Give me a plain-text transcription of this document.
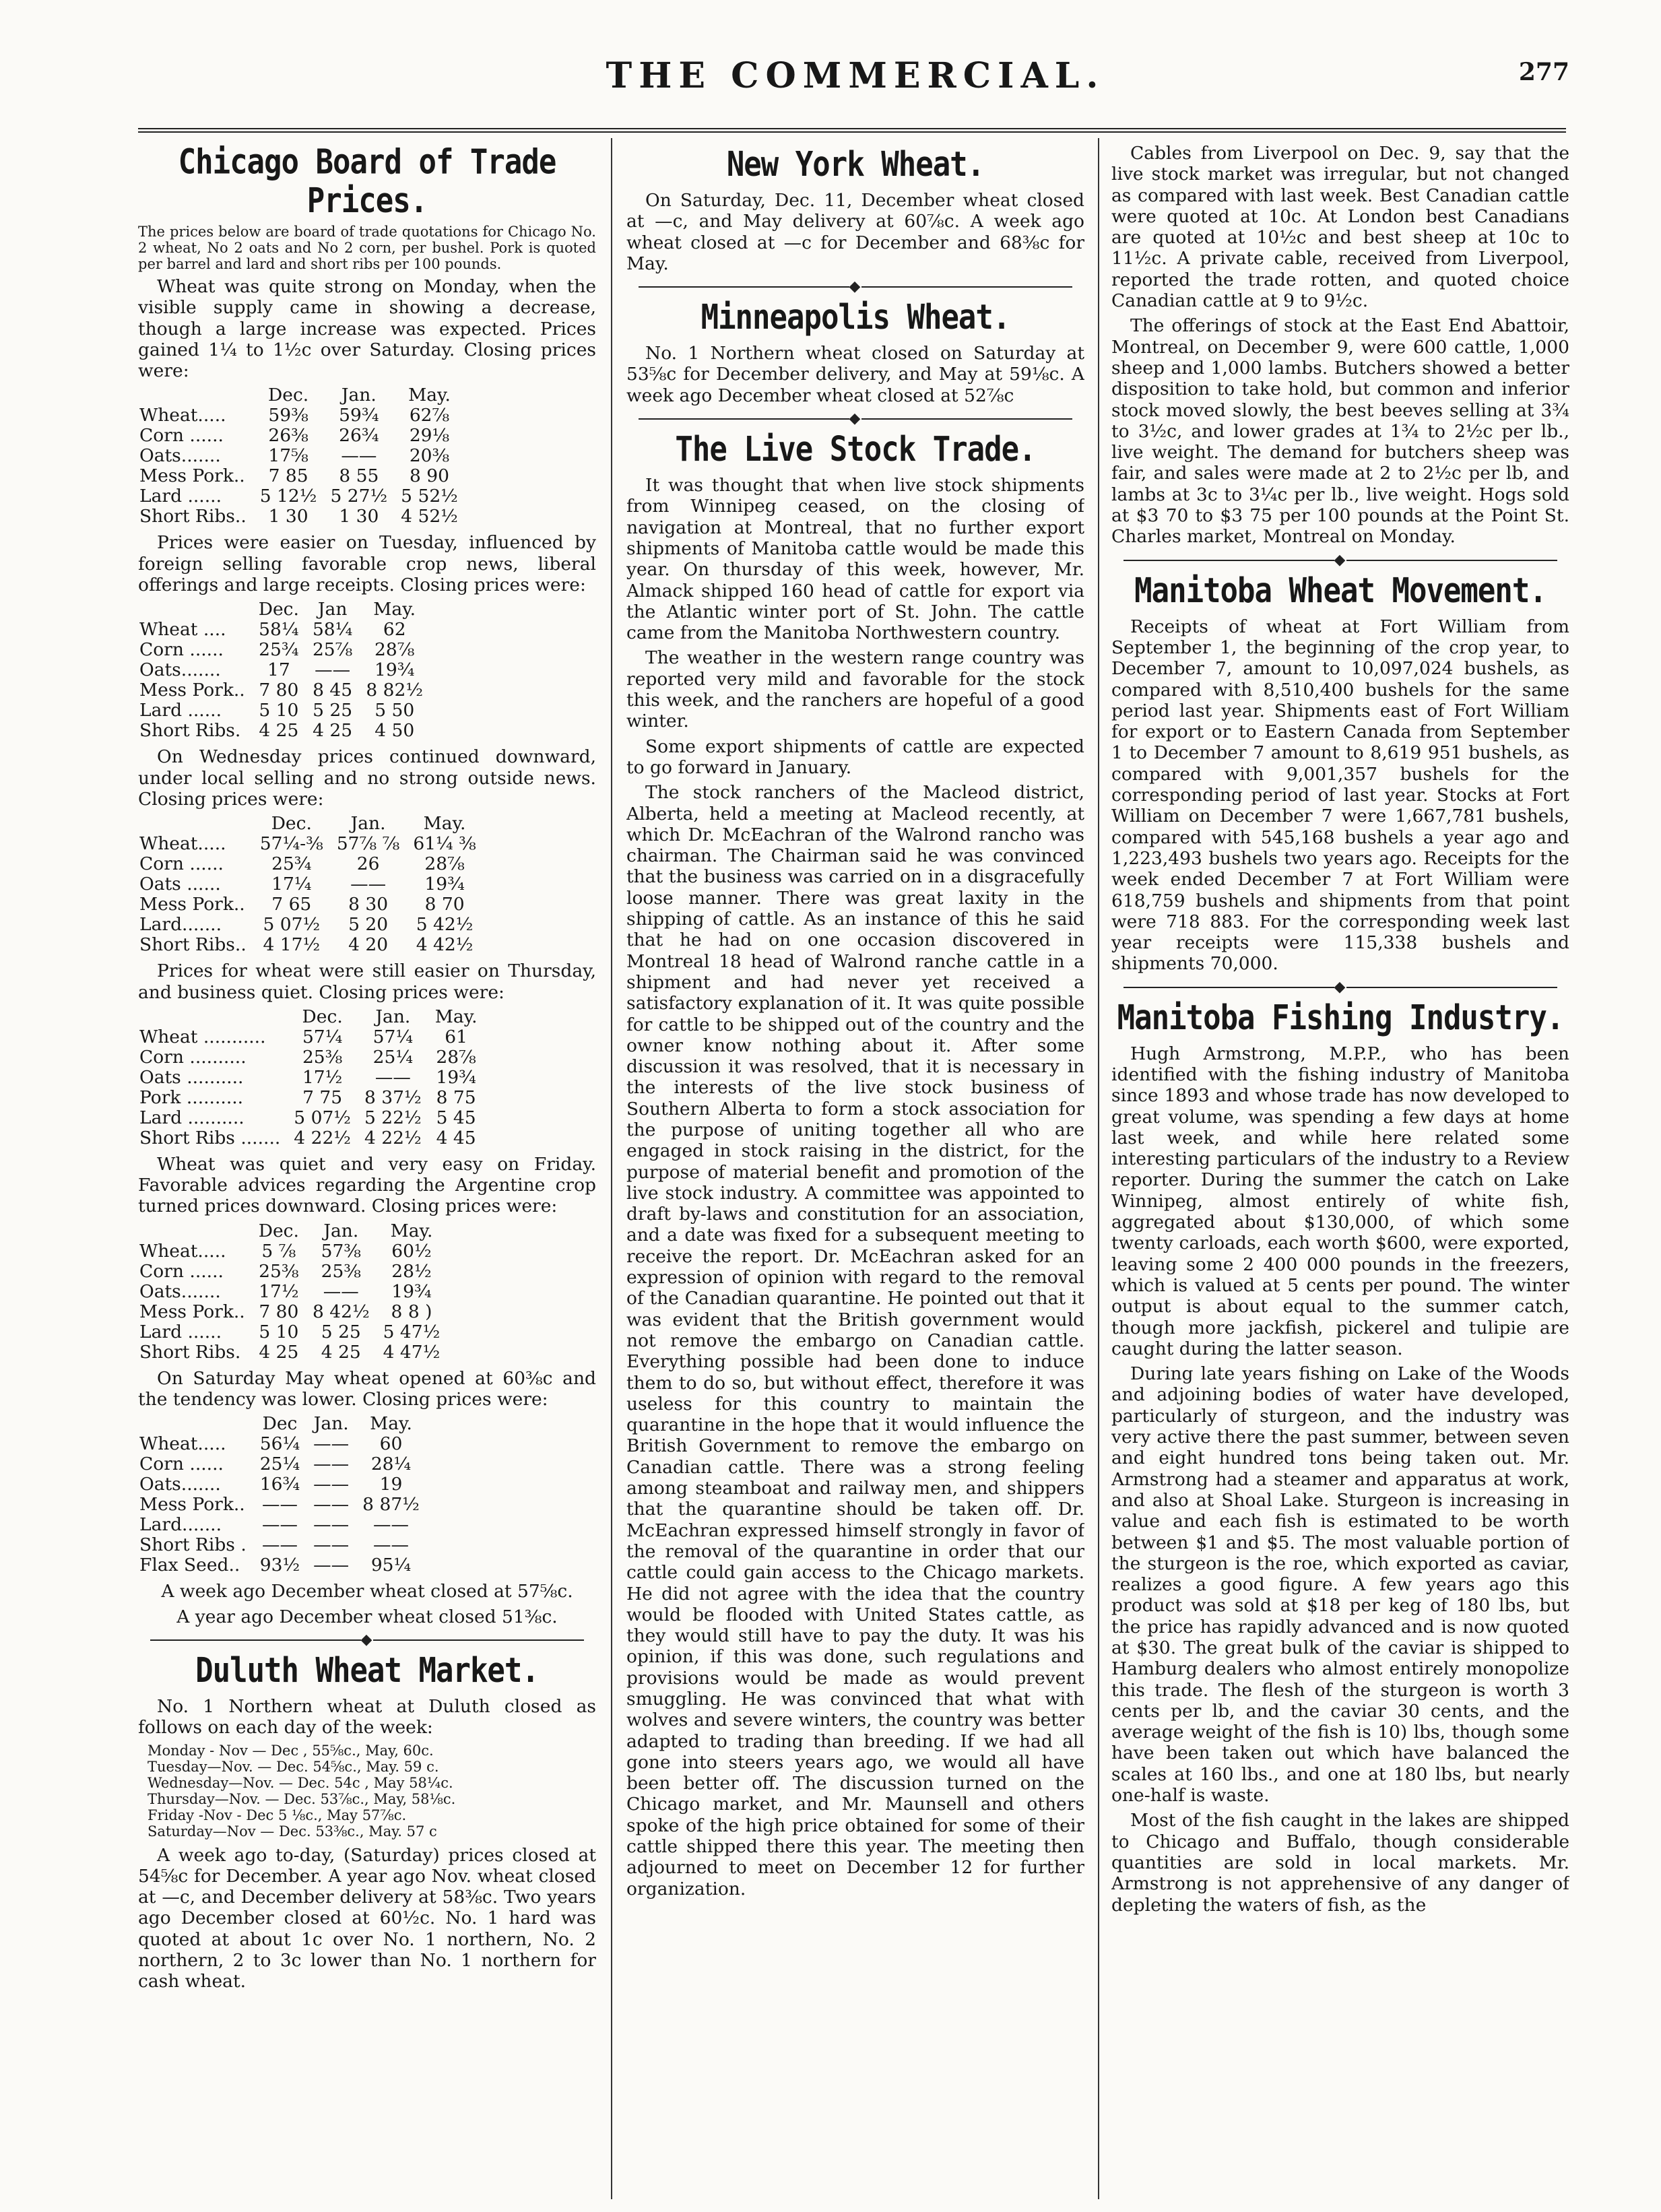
THE COMMERCIAL.	277
Chicago Board of Trade Prices.
The prices below are board of trade quotations for Chicago No. 2 wheat, No 2 oats and No 2 corn, per bushel. Pork is quoted per barrel and lard and short ribs per 100 pounds.

Wheat was quite strong on Monday, when the visible supply came in showing a decrease, though a large increase was expected. Prices gained 1¼ to 1½c over Saturday. Closing prices were:

	Dec.	Jan.	May.
Wheat.....	59⅜	59¾	62⅞
Corn ......	26⅜	26¾	29⅛
Oats.......	17⅝	——	20⅜
Mess Pork..	7 85	8 55	8 90
Lard ......	5 12½	5 27½	5 52½
Short Ribs..	1 30	1 30	4 52½

Prices were easier on Tuesday, influenced by foreign selling favorable crop news, liberal offerings and large receipts. Closing prices were:

	Dec.	Jan	May.
Wheat ....	58¼	58¼	62
Corn ......	25¾	25⅞	28⅞
Oats.......	17	——	19¾
Mess Pork..	7 80	8 45	8 82½
Lard ......	5 10	5 25	5 50
Short Ribs.	4 25	4 25	4 50

On Wednesday prices continued downward, under local selling and no strong outside news. Closing prices were:

	Dec.	Jan.	May.
Wheat.....	57¼-⅜	57⅞ ⅞	61¼ ⅜
Corn ......	25¾	26	28⅞
Oats ......	17¼	——	19¾
Mess Pork..	7 65	8 30	8 70
Lard.......	5 07½	5 20	5 42½
Short Ribs..	4 17½	4 20	4 42½

Prices for wheat were still easier on Thursday, and business quiet. Closing prices were:

	Dec.	Jan.	May.
Wheat ...........	57¼	57¼	61
Corn ..........	25⅜	25¼	28⅞
Oats ..........	17½	——	19¾
Pork ..........	7 75	8 37½	8 75
Lard ..........	5 07½	5 22½	5 45
Short Ribs .......	4 22½	4 22½	4 45

Wheat was quiet and very easy on Friday. Favorable advices regarding the Argentine crop turned prices downward. Closing prices were:

	Dec.	Jan.	May.
Wheat.....	5 ⅞	57⅜	60½
Corn ......	25⅜	25⅜	28½
Oats.......	17½	——	19¾
Mess Pork..	7 80	8 42½	8 8 )
Lard ......	5 10	5 25	5 47½
Short Ribs.	4 25	4 25	4 47½

On Saturday May wheat opened at 60⅜c and the tendency was lower. Closing prices were:

	Dec	Jan.	May.
Wheat.....	56¼	——	60
Corn ......	25¼	——	28¼
Oats.......	16¾	——	19
Mess Pork..	——	——	8 87½
Lard.......	——	——	——
Short Ribs .	——	——	——
Flax Seed..	93½	——	95¼

A week ago December wheat closed at 57⅝c.

A year ago December wheat closed 51⅜c.

◆
Duluth Wheat Market.

No. 1 Northern wheat at Duluth closed as follows on each day of the week:

Monday - Nov — Dec , 55⅝c., May, 60c.
Tuesday—Nov. — Dec. 54⅝c., May. 59 c.
Wednesday—Nov. — Dec. 54c , May 58¼c.
Thursday—Nov. — Dec. 53⅞c., May, 58⅛c.
Friday -Nov - Dec 5 ⅛c., May 57⅞c.
Saturday—Nov — Dec. 53⅜c., May. 57 c

A week ago to-day, (Saturday) prices closed at 54⅝c for December. A year ago Nov. wheat closed at —c, and December delivery at 58⅜c. Two years ago December closed at 60½c. No. 1 hard was quoted at about 1c over No. 1 northern, No. 2 northern, 2 to 3c lower than No. 1 northern for cash wheat.

New York Wheat.

On Saturday, Dec. 11, December wheat closed at —c, and May delivery at 60⅞c. A week ago wheat closed at —c for December and 68⅜c for May.

◆
Minneapolis Wheat.

No. 1 Northern wheat closed on Saturday at 53⅝c for December delivery, and May at 59⅛c. A week ago December wheat closed at 52⅞c

◆
The Live Stock Trade.

It was thought that when live stock shipments from Winnipeg ceased, on the closing of navigation at Montreal, that no further export shipments of Manitoba cattle would be made this year. On thursday of this week, however, Mr. Almack shipped 160 head of cattle for export via the Atlantic winter port of St. John. The cattle came from the Manitoba Northwestern country.

The weather in the western range country was reported very mild and favorable for the stock this week, and the ranchers are hopeful of a good winter.

Some export shipments of cattle are expected to go forward in January.

The stock ranchers of the Macleod district, Alberta, held a meeting at Macleod recently, at which Dr. McEachran of the Walrond rancho was chairman. The Chairman said he was convinced that the business was carried on in a disgracefully loose manner. There was great laxity in the shipping of cattle. As an instance of this he said that he had on one occasion discovered in Montreal 18 head of Walrond ranche cattle in a shipment and had never yet received a satisfactory explanation of it. It was quite possible for cattle to be shipped out of the country and the owner know nothing about it. After some discussion it was resolved, that it is necessary in the interests of the live stock business of Southern Alberta to form a stock association for the purpose of uniting together all who are engaged in stock raising in the district, for the purpose of material benefit and promotion of the live stock industry. A committee was appointed to draft by-laws and constitution for an association, and a date was fixed for a subsequent meeting to receive the report. Dr. McEachran asked for an expression of opinion with regard to the removal of the Canadian quarantine. He pointed out that it was evident that the British government would not remove the embargo on Canadian cattle. Everything possible had been done to induce them to do so, but without effect, therefore it was useless for this country to maintain the quarantine in the hope that it would influence the British Government to remove the embargo on Canadian cattle. There was a strong feeling among steamboat and railway men, and shippers that the quarantine should be taken off. Dr. McEachran expressed himself strongly in favor of the removal of the quarantine in order that our cattle could gain access to the Chicago markets. He did not agree with the idea that the country would be flooded with United States cattle, as they would still have to pay the duty. It was his opinion, if this was done, such regulations and provisions would be made as would prevent smuggling. He was convinced that what with wolves and severe winters, the country was better adapted to trading than breeding. If we had all gone into steers years ago, we would all have been better off. The discussion turned on the Chicago market, and Mr. Maunsell and others spoke of the high price obtained for some of their cattle shipped there this year. The meeting then adjourned to meet on December 12 for further organization.

Cables from Liverpool on Dec. 9, say that the live stock market was irregular, but not changed as compared with last week. Best Canadian cattle were quoted at 10c. At London best Canadians are quoted at 10½c and best sheep at 10c to 11½c. A private cable, received from Liverpool, reported the trade rotten, and quoted choice Canadian cattle at 9 to 9½c.

The offerings of stock at the East End Abattoir, Montreal, on December 9, were 600 cattle, 1,000 sheep and 1,000 lambs. Butchers showed a better disposition to take hold, but common and inferior stock moved slowly, the best beeves selling at 3¾ to 3½c, and lower grades at 1¾ to 2½c per lb., live weight. The demand for butchers sheep was fair, and sales were made at 2 to 2½c per lb, and lambs at 3c to 3¼c per lb., live weight. Hogs sold at $3 70 to $3 75 per 100 pounds at the Point St. Charles market, Montreal on Monday.

◆
Manitoba Wheat Movement.

Receipts of wheat at Fort William from September 1, the beginning of the crop year, to December 7, amount to 10,097,024 bushels, as compared with 8,510,400 bushels for the same period last year. Shipments east of Fort William for export or to Eastern Canada from September 1 to December 7 amount to 8,619 951 bushels, as compared with 9,001,357 bushels for the corresponding period of last year. Stocks at Fort William on December 7 were 1,667,781 bushels, compared with 545,168 bushels a year ago and 1,223,493 bushels two years ago. Receipts for the week ended December 7 at Fort William were 618,759 bushels and shipments from that point were 718 883. For the corresponding week last year receipts were 115,338 bushels and shipments 70,000.

◆
Manitoba Fishing Industry.

Hugh Armstrong, M.P.P., who has been identified with the fishing industry of Manitoba since 1893 and whose trade has now developed to great volume, was spending a few days at home last week, and while here related some interesting particulars of the industry to a Review reporter. During the summer the catch on Lake Winnipeg, almost entirely of white fish, aggregated about $130,000, of which some twenty carloads, each worth $600, were exported, leaving some 2 400 000 pounds in the freezers, which is valued at 5 cents per pound. The winter output is about equal to the summer catch, though more jackfish, pickerel and tulipie are caught during the latter season.

During late years fishing on Lake of the Woods and adjoining bodies of water have developed, particularly of sturgeon, and the industry was very active there the past summer, between seven and eight hundred tons being taken out. Mr. Armstrong had a steamer and apparatus at work, and also at Shoal Lake. Sturgeon is increasing in value and each fish is estimated to be worth between $1 and $5. The most valuable portion of the sturgeon is the roe, which exported as caviar, realizes a good figure. A few years ago this product was sold at $18 per keg of 180 lbs, but the price has rapidly advanced and is now quoted at $30. The great bulk of the caviar is shipped to Hamburg dealers who almost entirely monopolize this trade. The flesh of the sturgeon is worth 3 cents per lb, and the caviar 30 cents, and the average weight of the fish is 10) lbs, though some have been taken out which have balanced the scales at 160 lbs., and one at 180 lbs, but nearly one-half is waste.

Most of the fish caught in the lakes are shipped to Chicago and Buffalo, though considerable quantities are sold in local markets. Mr. Armstrong is not apprehensive of any danger of depleting the waters of fish, as the
